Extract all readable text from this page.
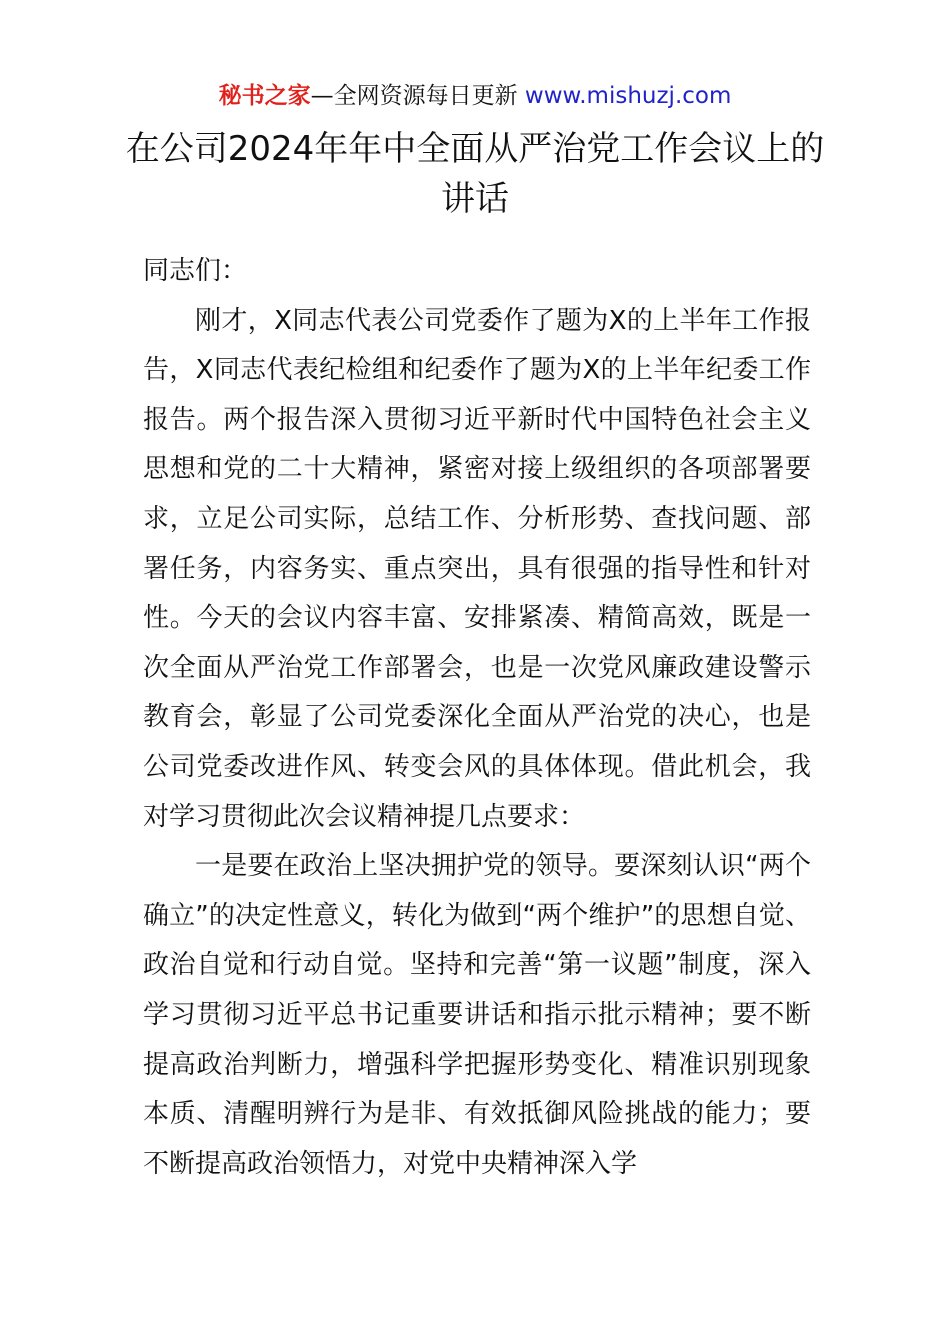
秘书之家—全网资源每日更新 www.mishuzj.com
在公司2024年年中全面从严治党工作会议上的讲话

同志们：

刚才，X同志代表公司党委作了题为X的上半年工作报告，X同志代表纪检组和纪委作了题为X的上半年纪委工作报告。两个报告深入贯彻习近平新时代中国特色社会主义思想和党的二十大精神，紧密对接上级组织的各项部署要求，立足公司实际，总结工作、分析形势、查找问题、部署任务，内容务实、重点突出，具有很强的指导性和针对性。今天的会议内容丰富、安排紧凑、精简高效，既是一次全面从严治党工作部署会，也是一次党风廉政建设警示教育会，彰显了公司党委深化全面从严治党的决心，也是公司党委改进作风、转变会风的具体体现。借此机会，我对学习贯彻此次会议精神提几点要求：

一是要在政治上坚决拥护党的领导。要深刻认识“两个确立”的决定性意义，转化为做到“两个维护”的思想自觉、政治自觉和行动自觉。坚持和完善“第一议题”制度，深入学习贯彻习近平总书记重要讲话和指示批示精神；要不断提高政治判断力，增强科学把握形势变化、精准识别现象本质、清醒明辨行为是非、有效抵御风险挑战的能力；要不断提高政治领悟力，对党中央精神深入学
